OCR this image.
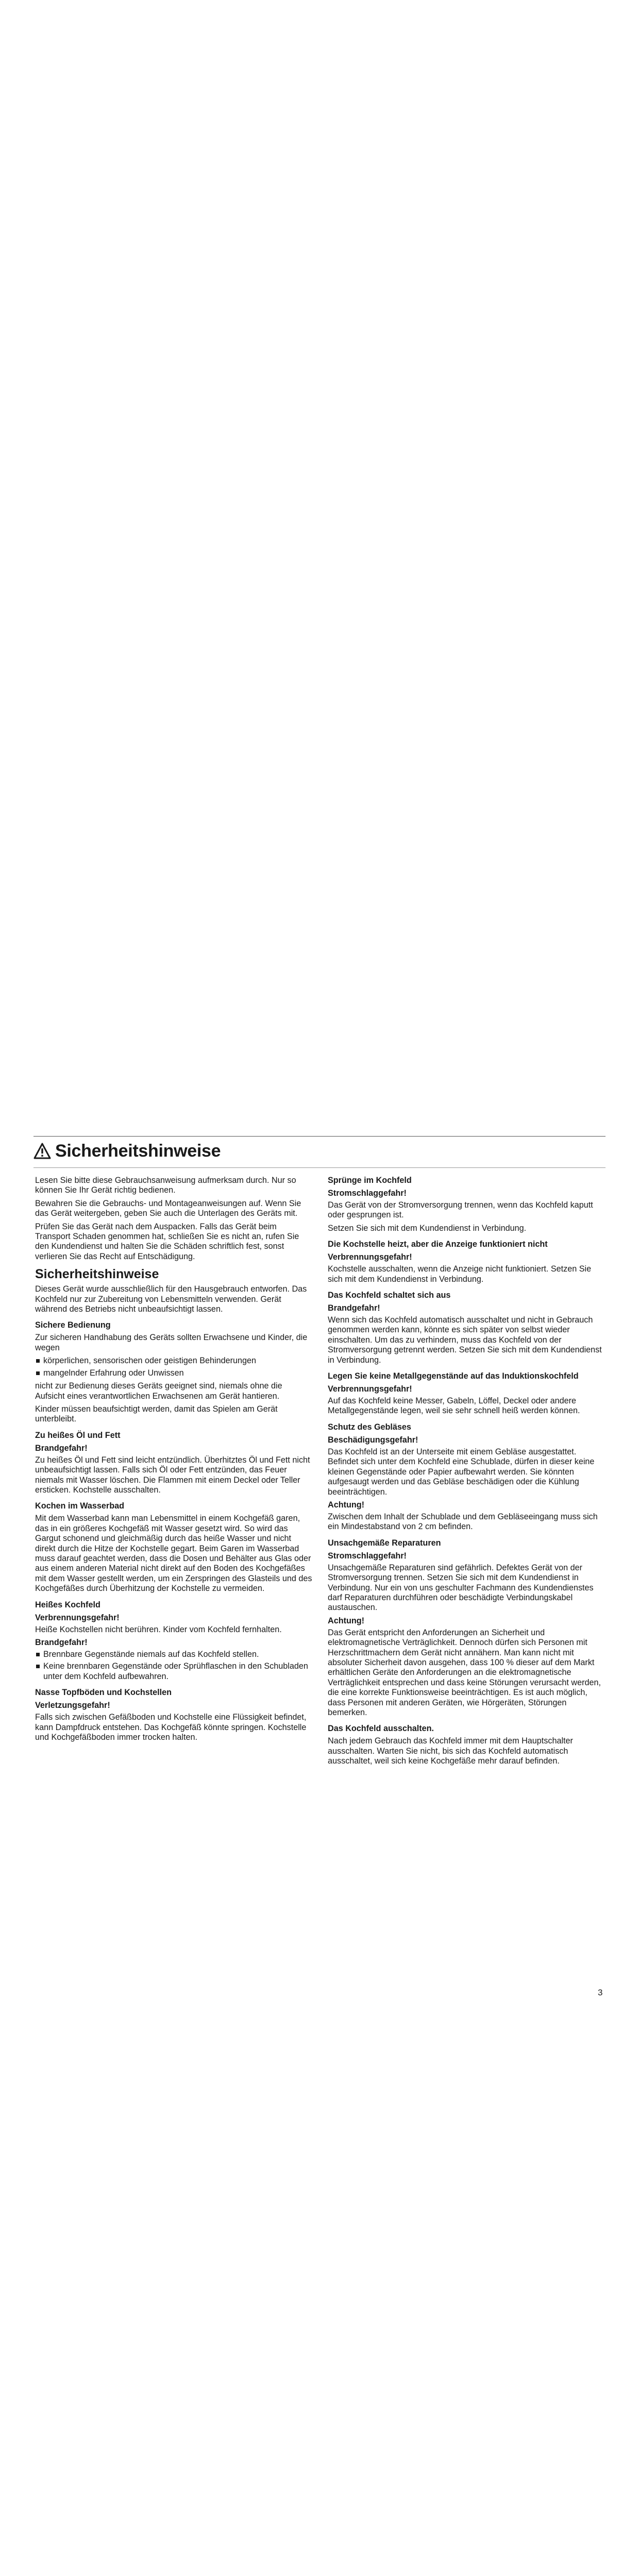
Sicherheitshinweise

Lesen Sie bitte diese Gebrauchsanweisung aufmerksam durch. Nur so können Sie Ihr Gerät richtig bedienen.

Bewahren Sie die Gebrauchs- und Montageanweisungen auf. Wenn Sie das Gerät weitergeben, geben Sie auch die Unterlagen des Geräts mit.

Prüfen Sie das Gerät nach dem Auspacken. Falls das Gerät beim Transport Schaden genommen hat, schließen Sie es nicht an, rufen Sie den Kundendienst und halten Sie die Schäden schriftlich fest, sonst verlieren Sie das Recht auf Entschädigung.

Sicherheitshinweise

Dieses Gerät wurde ausschließlich für den Hausgebrauch entworfen. Das Kochfeld nur zur Zubereitung von Lebensmitteln verwenden. Gerät während des Betriebs nicht unbeaufsichtigt lassen.

Sichere Bedienung

Zur sicheren Handhabung des Geräts sollten Erwachsene und Kinder, die wegen

körperlichen, sensorischen oder geistigen Behinderungen
mangelnder Erfahrung oder Unwissen

nicht zur Bedienung dieses Geräts geeignet sind, niemals ohne die Aufsicht eines verantwortlichen Erwachsenen am Gerät hantieren.

Kinder müssen beaufsichtigt werden, damit das Spielen am Gerät unterbleibt.

Zu heißes Öl und Fett
Brandgefahr!

Zu heißes Öl und Fett sind leicht entzündlich. Überhitztes Öl und Fett nicht unbeaufsichtigt lassen. Falls sich Öl oder Fett entzünden, das Feuer niemals mit Wasser löschen. Die Flammen mit einem Deckel oder Teller ersticken. Kochstelle ausschalten.

Kochen im Wasserbad

Mit dem Wasserbad kann man Lebensmittel in einem Kochgefäß garen, das in ein größeres Kochgefäß mit Wasser gesetzt wird. So wird das Gargut schonend und gleichmäßig durch das heiße Wasser und nicht direkt durch die Hitze der Kochstelle gegart. Beim Garen im Wasserbad muss darauf geachtet werden, dass die Dosen und Behälter aus Glas oder aus einem anderen Material nicht direkt auf den Boden des Kochgefäßes mit dem Wasser gestellt werden, um ein Zerspringen des Glasteils und des Kochgefäßes durch Überhitzung der Kochstelle zu vermeiden.

Heißes Kochfeld
Verbrennungsgefahr!

Heiße Kochstellen nicht berühren. Kinder vom Kochfeld fernhalten.

Brandgefahr!
Brennbare Gegenstände niemals auf das Kochfeld stellen.
Keine brennbaren Gegenstände oder Sprühflaschen in den Schubladen unter dem Kochfeld aufbewahren.
Nasse Topfböden und Kochstellen
Verletzungsgefahr!

Falls sich zwischen Gefäßboden und Kochstelle eine Flüssigkeit befindet, kann Dampfdruck entstehen. Das Kochgefäß könnte springen. Kochstelle und Kochgefäßboden immer trocken halten.

Sprünge im Kochfeld
Stromschlaggefahr!

Das Gerät von der Stromversorgung trennen, wenn das Kochfeld kaputt oder gesprungen ist.

Setzen Sie sich mit dem Kundendienst in Verbindung.

Die Kochstelle heizt, aber die Anzeige funktioniert nicht
Verbrennungsgefahr!

Kochstelle ausschalten, wenn die Anzeige nicht funktioniert. Setzen Sie sich mit dem Kundendienst in Verbindung.

Das Kochfeld schaltet sich aus
Brandgefahr!

Wenn sich das Kochfeld automatisch ausschaltet und nicht in Gebrauch genommen werden kann, könnte es sich später von selbst wieder einschalten. Um das zu verhindern, muss das Kochfeld von der Stromversorgung getrennt werden. Setzen Sie sich mit dem Kundendienst in Verbindung.

Legen Sie keine Metallgegenstände auf das Induktionskochfeld
Verbrennungsgefahr!

Auf das Kochfeld keine Messer, Gabeln, Löffel, Deckel oder andere Metallgegenstände legen, weil sie sehr schnell heiß werden können.

Schutz des Gebläses
Beschädigungsgefahr!

Das Kochfeld ist an der Unterseite mit einem Gebläse ausgestattet. Befindet sich unter dem Kochfeld eine Schublade, dürfen in dieser keine kleinen Gegenstände oder Papier aufbewahrt werden. Sie könnten aufgesaugt werden und das Gebläse beschädigen oder die Kühlung beeinträchtigen.

Achtung!

Zwischen dem Inhalt der Schublade und dem Gebläseeingang muss sich ein Mindestabstand von 2 cm befinden.

Unsachgemäße Reparaturen
Stromschlaggefahr!

Unsachgemäße Reparaturen sind gefährlich. Defektes Gerät von der Stromversorgung trennen. Setzen Sie sich mit dem Kundendienst in Verbindung. Nur ein von uns geschulter Fachmann des Kundendienstes darf Reparaturen durchführen oder beschädigte Verbindungskabel austauschen.

Achtung!

Das Gerät entspricht den Anforderungen an Sicherheit und elektromagnetische Verträglichkeit. Dennoch dürfen sich Personen mit Herzschrittmachern dem Gerät nicht annähern. Man kann nicht mit absoluter Sicherheit davon ausgehen, dass 100 % dieser auf dem Markt erhältlichen Geräte den Anforderungen an die elektromagnetische Verträglichkeit entsprechen und dass keine Störungen verursacht werden, die eine korrekte Funktionsweise beeinträchtigen. Es ist auch möglich, dass Personen mit anderen Geräten, wie Hörgeräten, Störungen bemerken.

Das Kochfeld ausschalten.

Nach jedem Gebrauch das Kochfeld immer mit dem Hauptschalter ausschalten. Warten Sie nicht, bis sich das Kochfeld automatisch ausschaltet, weil sich keine Kochgefäße mehr darauf befinden.

3
